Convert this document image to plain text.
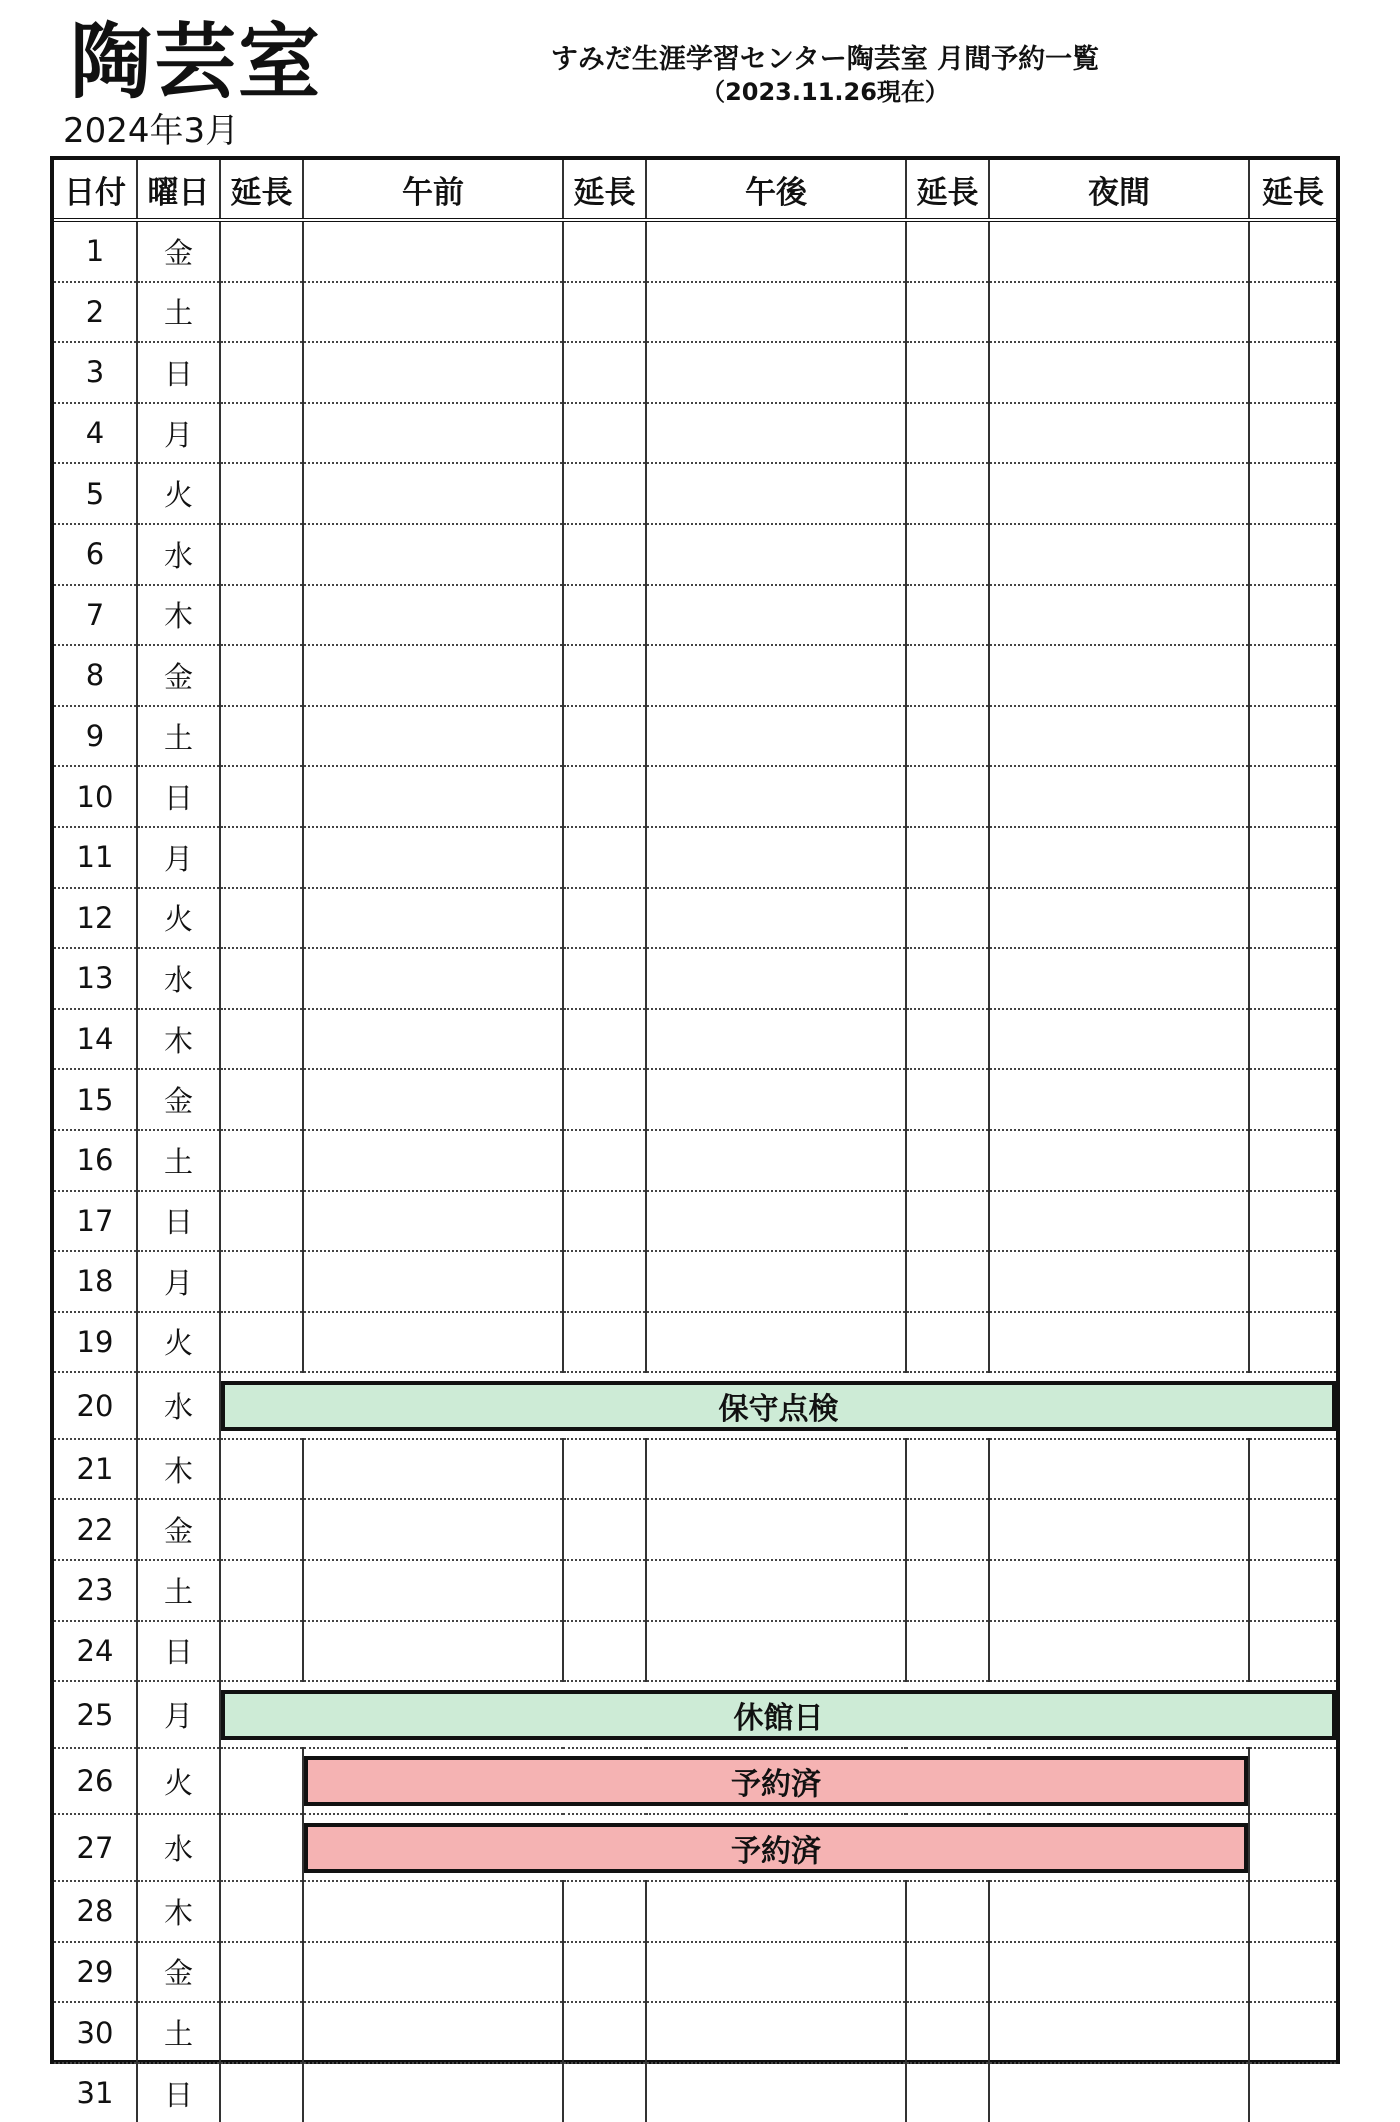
陶芸室	すみだ生涯学習センター陶芸室 月間予約一覧
（2023.11.26現在）
2024年3月
日付	曜日	延長	午前	延長	午後	延長	夜間	延長
1	金							
2	土							
3	日							
4	月							
5	火							
6	水							
7	木							
8	金							
9	土							
10	日							
11	月							
12	火							
13	水							
14	木							
15	金							
16	土							
17	日							
18	月							
19	火							
20	水	保守点検						

21	木							
22	金							
23	土							
24	日							
25	月	休館日						

26	火		予約済					

27	水		予約済					

28	木							
29	金							
30	土							
31	日							
